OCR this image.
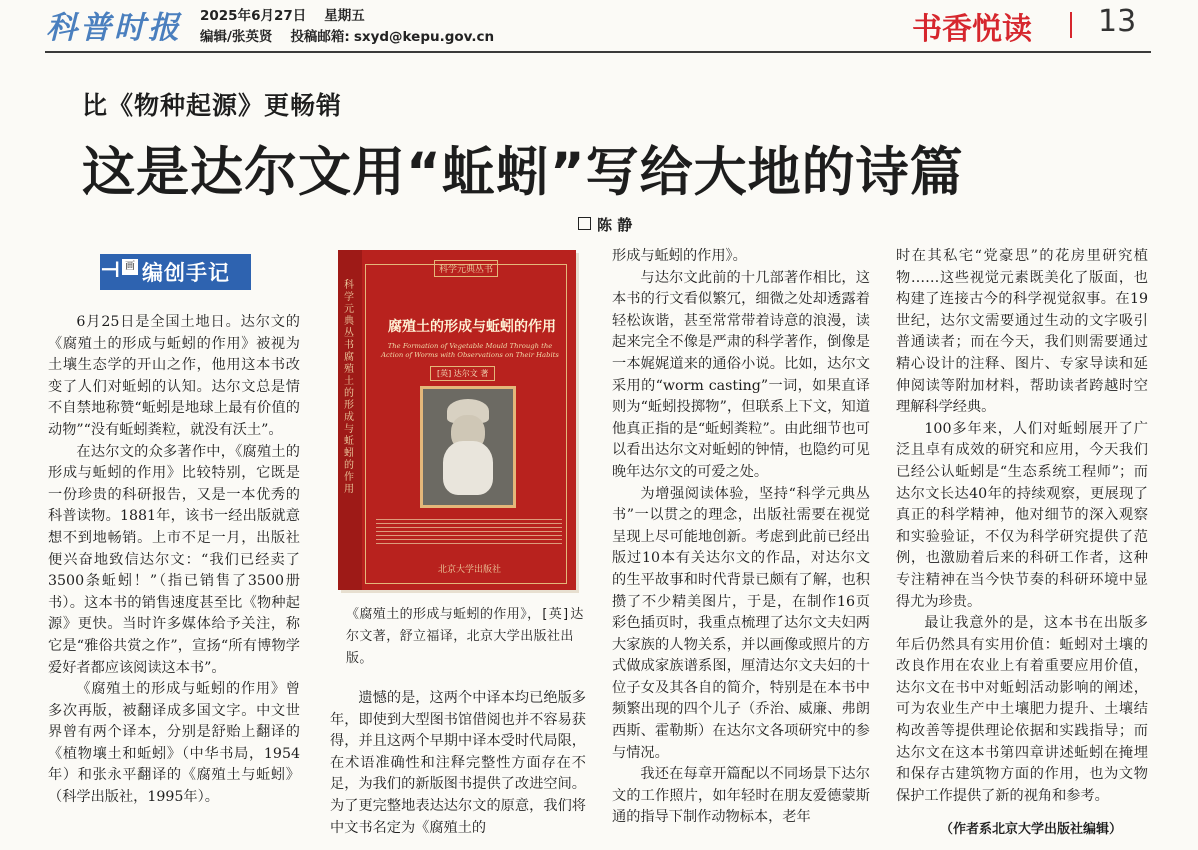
科普时报 2025年6月27日 星期五
编辑/张英贤 投稿邮箱: sxyd@kepu.gov.cn	书香悦读 13
比《物种起源》更畅销
这是达尔文用“蚯蚓”写给大地的诗篇
陈 静
⊣ 画 编创手记

6月25日是全国土地日。达尔文的《腐殖土的形成与蚯蚓的作用》被视为土壤生态学的开山之作，他用这本书改变了人们对蚯蚓的认知。达尔文总是情不自禁地称赞“蚯蚓是地球上最有价值的动物”“没有蚯蚓粪粒，就没有沃土”。

在达尔文的众多著作中，《腐殖土的形成与蚯蚓的作用》比较特别，它既是一份珍贵的科研报告，又是一本优秀的科普读物。1881年，该书一经出版就意想不到地畅销。上市不足一月，出版社便兴奋地致信达尔文：“我们已经卖了3500条蚯蚓！”（指已销售了3500册书）。这本书的销售速度甚至比《物种起源》更快。当时许多媒体给予关注，称它是“雅俗共赏之作”，宣扬“所有博物学爱好者都应该阅读这本书”。

《腐殖土的形成与蚯蚓的作用》曾多次再版，被翻译成多国文字。中文世界曾有两个译本，分别是舒贻上翻译的《植物壤土和蚯蚓》（中华书局，1954年）和张永平翻译的《腐殖土与蚯蚓》（科学出版社，1995年）。

科学元典丛书 腐殖土的形成与蚯蚓的作用
科学元典丛书
腐殖土的形成与蚯蚓的作用
The Formation of Vegetable Mould Through the Action of Worms with Observations on Their Habits
[英] 达尔文 著
北京大学出版社
《腐殖土的形成与蚯蚓的作用》，[英]达尔文著，舒立福译，北京大学出版社出版。

遗憾的是，这两个中译本均已绝版多年，即使到大型图书馆借阅也并不容易获得，并且这两个早期中译本受时代局限，在术语准确性和注释完整性方面存在不足，为我们的新版图书提供了改进空间。为了更完整地表达达尔文的原意，我们将中文书名定为《腐殖土的

形成与蚯蚓的作用》。

与达尔文此前的十几部著作相比，这本书的行文看似繁冗，细微之处却透露着轻松诙谐，甚至常常带着诗意的浪漫，读起来完全不像是严肃的科学著作，倒像是一本娓娓道来的通俗小说。比如，达尔文采用的“worm casting”一词，如果直译则为“蚯蚓投掷物”，但联系上下文，知道他真正指的是“蚯蚓粪粒”。由此细节也可以看出达尔文对蚯蚓的钟情，也隐约可见晚年达尔文的可爱之处。

为增强阅读体验，坚持“科学元典丛书”一以贯之的理念，出版社需要在视觉呈现上尽可能地创新。考虑到此前已经出版过10本有关达尔文的作品，对达尔文的生平故事和时代背景已颇有了解，也积攒了不少精美图片，于是，在制作16页彩色插页时，我重点梳理了达尔文夫妇两大家族的人物关系，并以画像或照片的方式做成家族谱系图，厘清达尔文夫妇的十位子女及其各自的简介，特别是在本书中频繁出现的四个儿子（乔治、威廉、弗朗西斯、霍勒斯）在达尔文各项研究中的参与情况。

我还在每章开篇配以不同场景下达尔文的工作照片，如年轻时在朋友爱德蒙斯通的指导下制作动物标本，老年

时在其私宅“党豪思”的花房里研究植物……这些视觉元素既美化了版面，也构建了连接古今的科学视觉叙事。在19世纪，达尔文需要通过生动的文字吸引普通读者；而在今天，我们则需要通过精心设计的注释、图片、专家导读和延伸阅读等附加材料，帮助读者跨越时空理解科学经典。

100多年来，人们对蚯蚓展开了广泛且卓有成效的研究和应用，今天我们已经公认蚯蚓是“生态系统工程师”；而达尔文长达40年的持续观察，更展现了真正的科学精神，他对细节的深入观察和实验验证，不仅为科学研究提供了范例，也激励着后来的科研工作者，这种专注精神在当今快节奏的科研环境中显得尤为珍贵。

最让我意外的是，这本书在出版多年后仍然具有实用价值：蚯蚓对土壤的改良作用在农业上有着重要应用价值，达尔文在书中对蚯蚓活动影响的阐述，可为农业生产中土壤肥力提升、土壤结构改善等提供理论依据和实践指导；而达尔文在这本书第四章讲述蚯蚓在掩埋和保存古建筑物方面的作用，也为文物保护工作提供了新的视角和参考。

（作者系北京大学出版社编辑）
